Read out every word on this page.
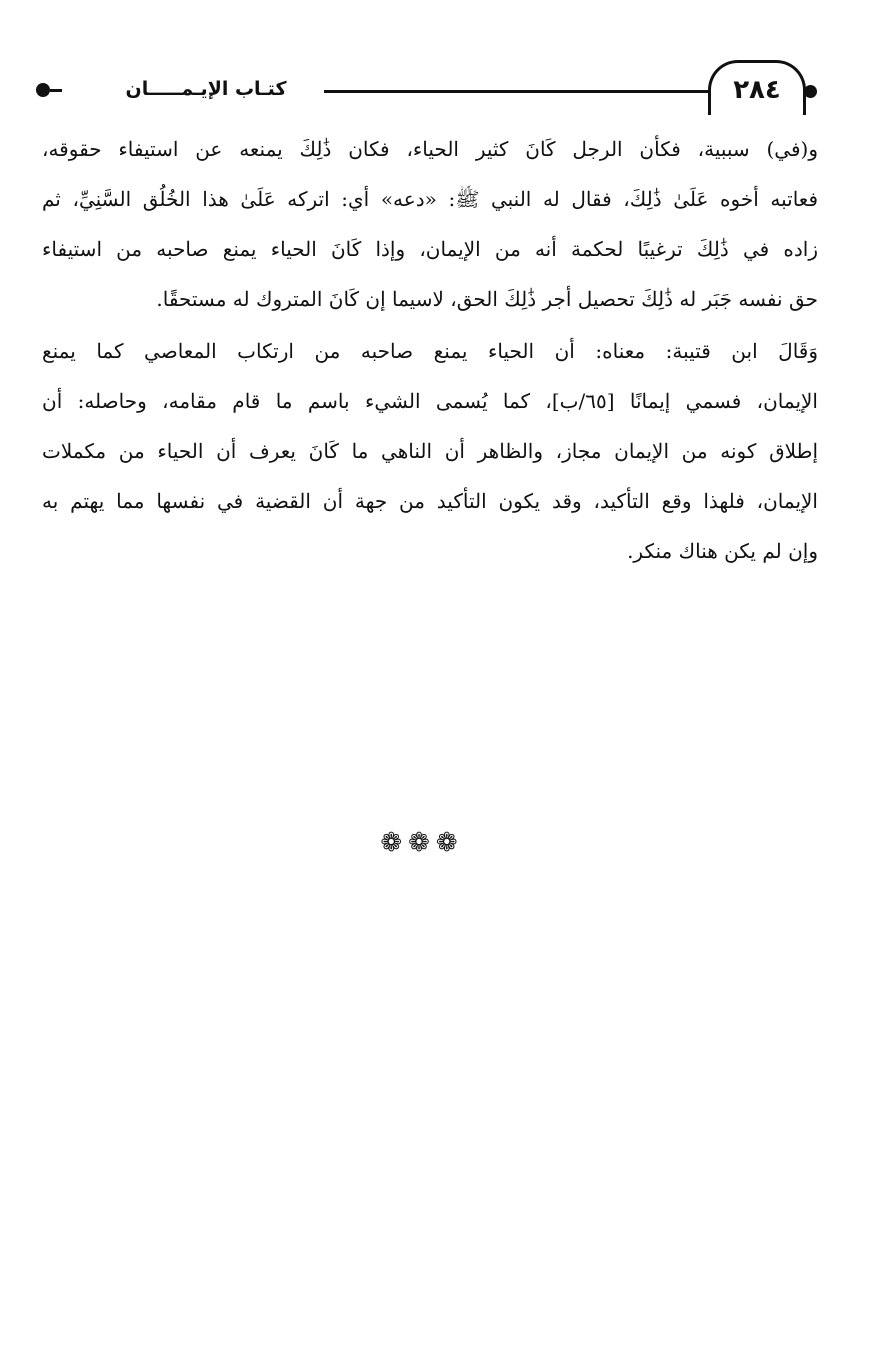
كتـاب الإيـمـــــان	٢٨٤
و(في) سببية، فكأن الرجل كَانَ كثير الحياء، فكان ذَٰلِكَ يمنعه عن استيفاء حقوقه،
فعاتبه أخوه عَلَىٰ ذَٰلِكَ، فقال له النبي ﷺ: «دعه» أي: اتركه عَلَىٰ هذا الخُلُق السَّنِيِّ، ثم
زاده في ذَٰلِكَ ترغيبًا لحكمة أنه من الإيمان، وإذا كَانَ الحياء يمنع صاحبه من استيفاء
حق نفسه جَبَر له ذَٰلِكَ تحصيل أجر ذَٰلِكَ الحق، لاسيما إن كَانَ المتروك له مستحقًا.
وَقَالَ ابن قتيبة: معناه: أن الحياء يمنع صاحبه من ارتكاب المعاصي كما يمنع
الإيمان، فسمي إيمانًا [٦٥/ب]، كما يُسمى الشيء باسم ما قام مقامه، وحاصله: أن
إطلاق كونه من الإيمان مجاز، والظاهر أن الناهي ما كَانَ يعرف أن الحياء من مكملات
الإيمان، فلهذا وقع التأكيد، وقد يكون التأكيد من جهة أن القضية في نفسها مما يهتم به
وإن لم يكن هناك منكر.
❁❁❁
